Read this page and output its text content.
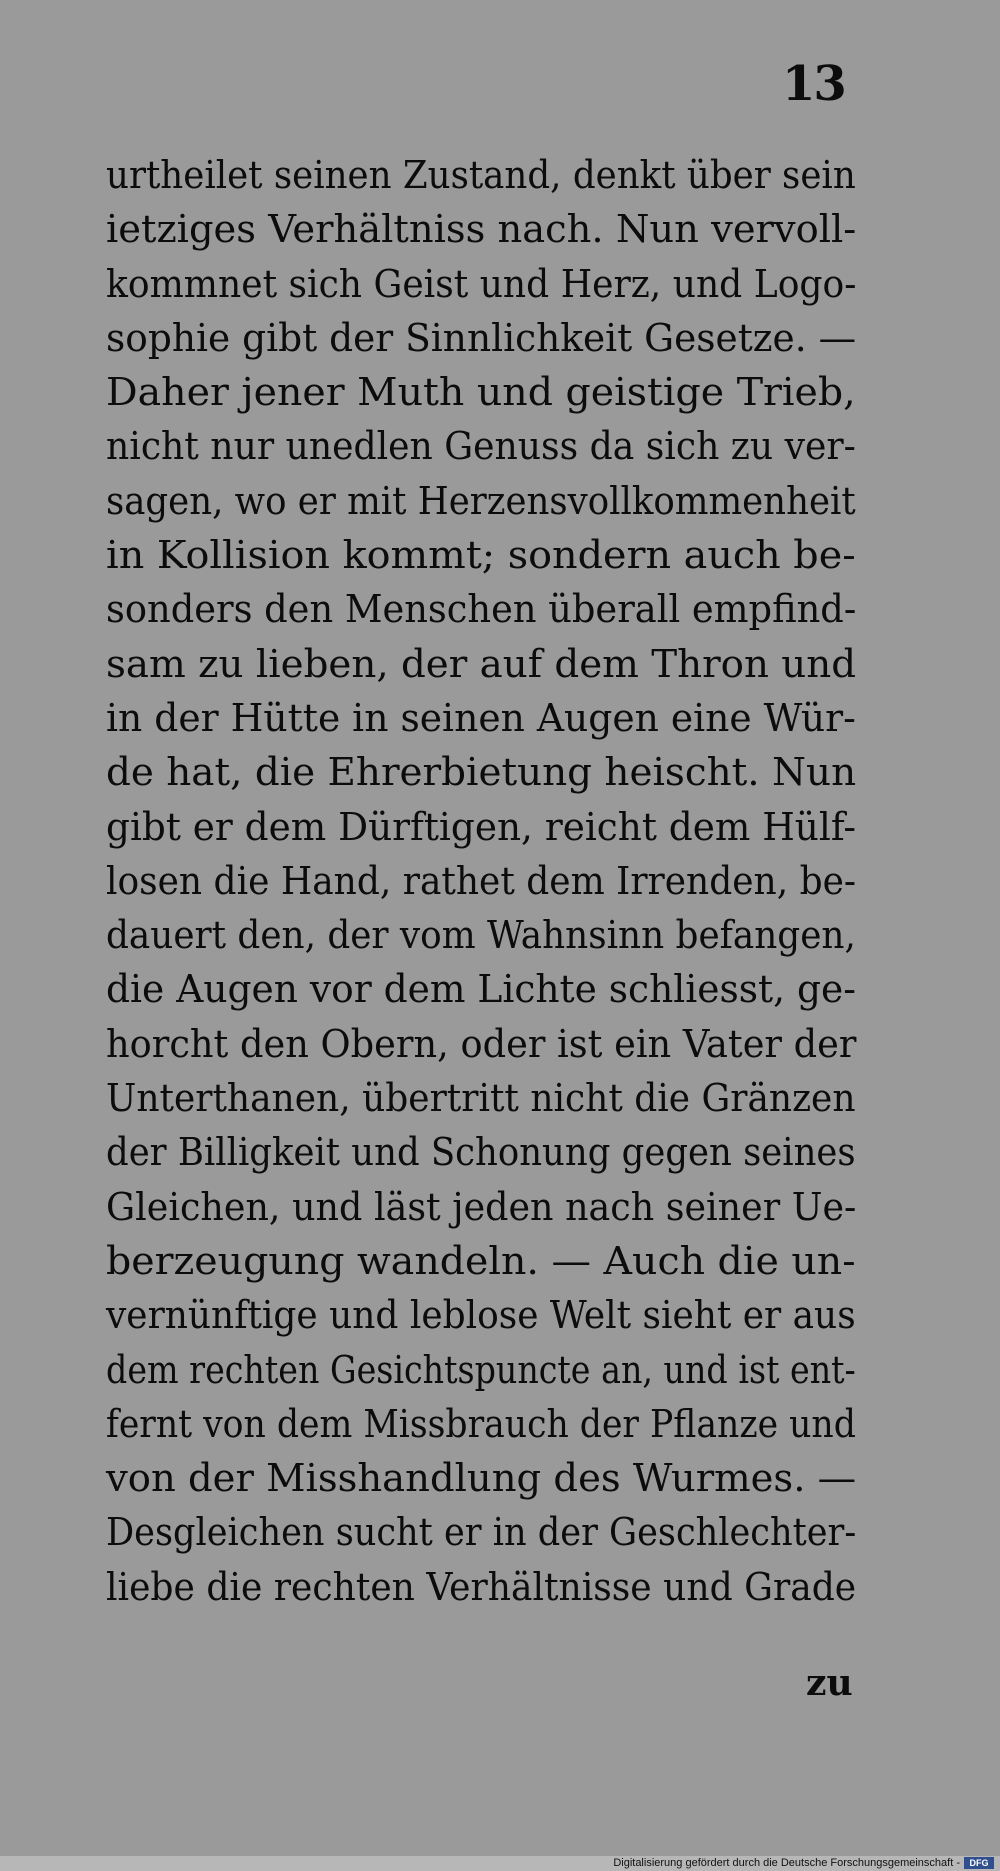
13
urtheilet seinen Zustand, denkt über sein
ietziges Verhältniss nach. Nun vervoll-
kommnet sich Geist und Herz, und Logo-
sophie gibt der Sinnlichkeit Gesetze. —
Daher jener Muth und geistige Trieb,
nicht nur unedlen Genuss da sich zu ver-
sagen, wo er mit Herzensvollkommenheit
in Kollision kommt; sondern auch be-
sonders den Menschen überall empfind-
sam zu lieben, der auf dem Thron und
in der Hütte in seinen Augen eine Wür-
de hat, die Ehrerbietung heischt. Nun
gibt er dem Dürftigen, reicht dem Hülf-
losen die Hand, rathet dem Irrenden, be-
dauert den, der vom Wahnsinn befangen,
die Augen vor dem Lichte schliesst, ge-
horcht den Obern, oder ist ein Vater der
Unterthanen, übertritt nicht die Gränzen
der Billigkeit und Schonung gegen seines
Gleichen, und läst jeden nach seiner Ue-
berzeugung wandeln. — Auch die un-
vernünftige und leblose Welt sieht er aus
dem rechten Gesichtspuncte an, und ist ent-
fernt von dem Missbrauch der Pflanze und
von der Misshandlung des Wurmes. —
Desgleichen sucht er in der Geschlechter-
liebe die rechten Verhältnisse und Grade
zu
Digitalisierung gefördert durch die Deutsche Forschungsgemeinschaft -	DFG
